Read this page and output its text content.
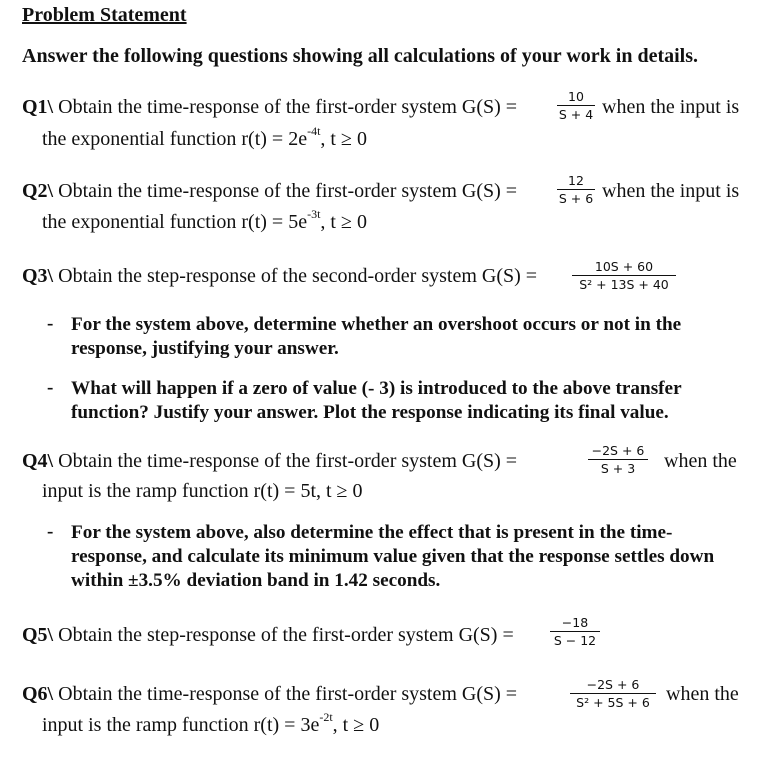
Problem Statement
Answer the following questions showing all calculations of your work in details.
Q1\ Obtain the time-response of the first-order system G(S) =	10
S + 4 when the input is
the exponential function $r(t) = 2e^{-4t}$, t ≥ 0
Q2\ Obtain the time-response of the first-order system G(S) =	12
S + 6 when the input is
the exponential function $r(t) = 5e^{-3t}$, t ≥ 0
Q3\ Obtain the step-response of the second-order system G(S) =	10S + 60
S² + 13S + 40
- For the system above, determine whether an overshoot occurs or not in the response, justifying your answer.
- What will happen if a zero of value (- 3) is introduced to the above transfer function? Justify your answer. Plot the response indicating its final value.
Q4\ Obtain the time-response of the first-order system G(S) =	−2S + 6
S + 3	when the
input is the ramp function r(t) = 5t, t ≥ 0
- For the system above, also determine the effect that is present in the time-response, and calculate its minimum value given that the response settles down within ±3.5% deviation band in 1.42 seconds.
Q5\ Obtain the step-response of the first-order system G(S) =
−18
S − 12
Q6\ Obtain the time-response of the first-order system G(S) =	−2S + 6
S² + 5S + 6 when the
input is the ramp function $r(t) = 3e^{-2t}$, t ≥ 0
